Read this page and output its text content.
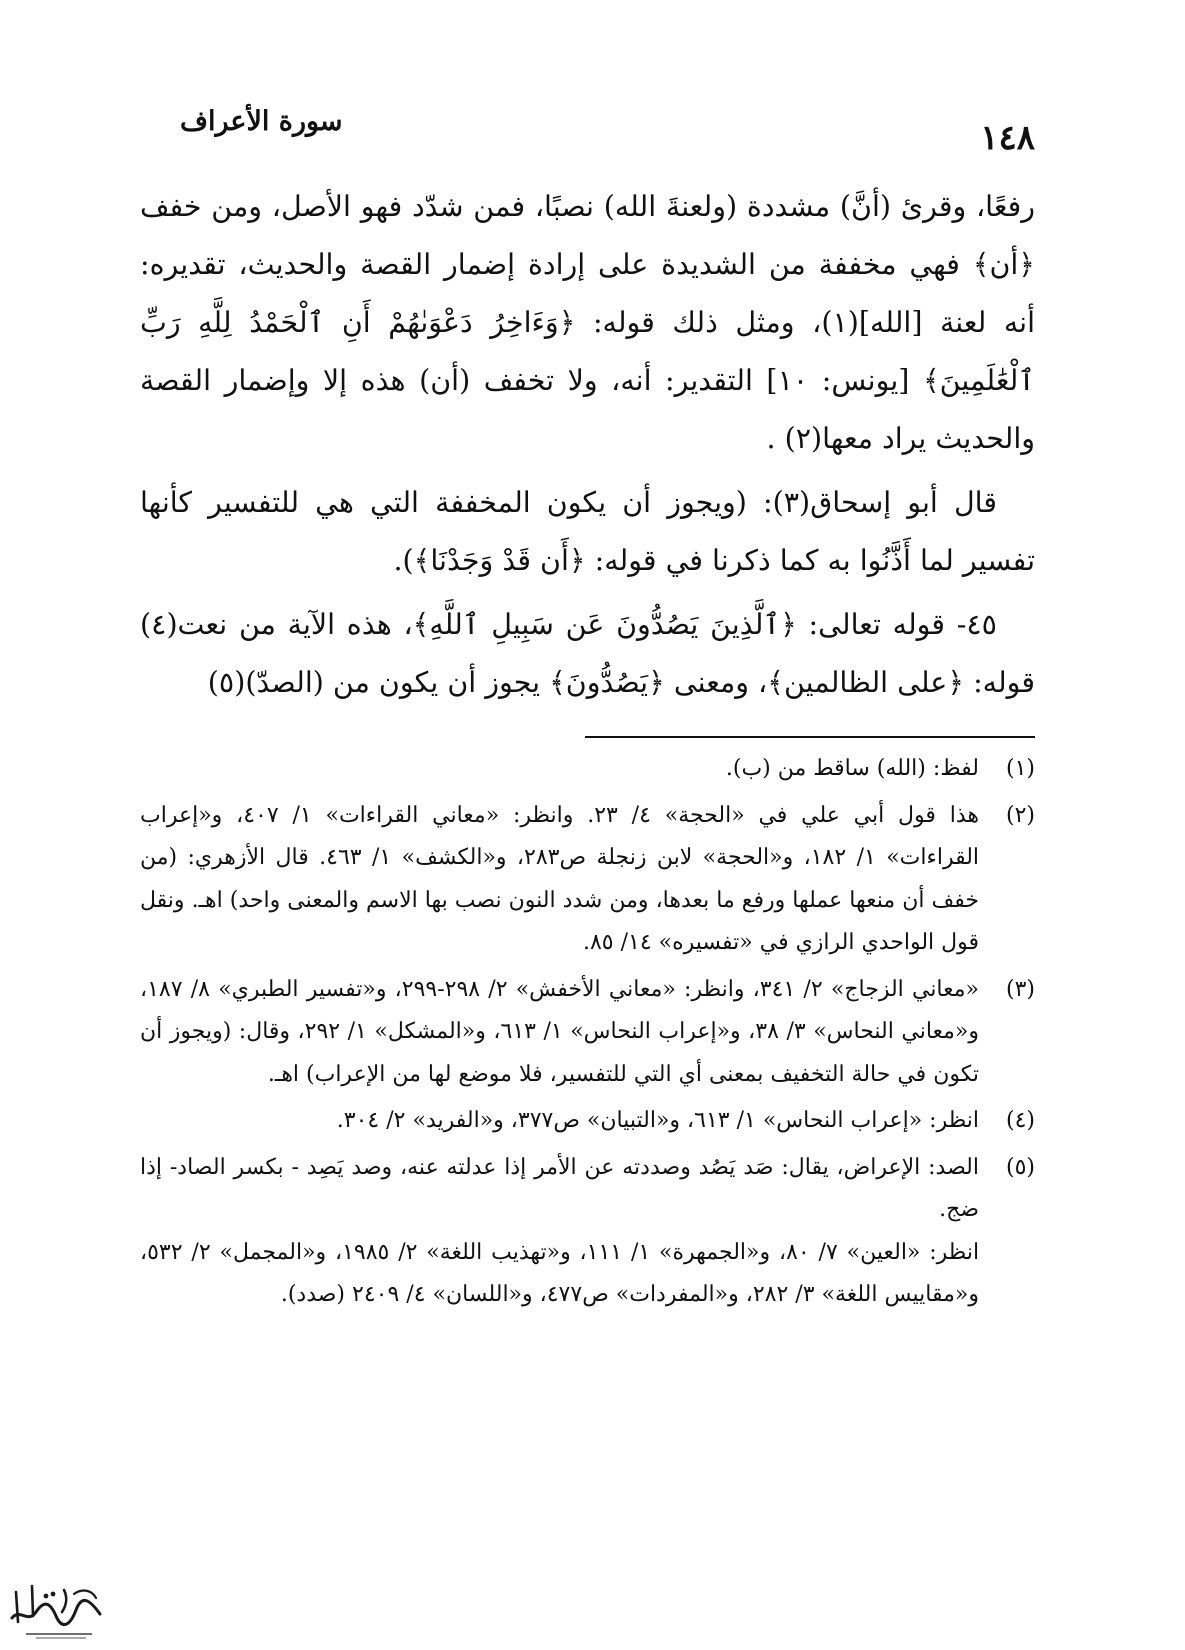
١٤٨
سورة الأعراف

رفعًا، وقرئ (أنَّ) مشددة (ولعنةَ الله) نصبًا، فمن شدّد فهو الأصل، ومن خفف ﴿أن﴾ فهي مخففة من الشديدة على إرادة إضمار القصة والحديث، تقديره: أنه لعنة [الله](١)، ومثل ذلك قوله: ﴿وَءَاخِرُ دَعْوَىٰهُمْ أَنِ ٱلْحَمْدُ لِلَّهِ رَبِّ ٱلْعَٰلَمِينَ﴾ [يونس: ١٠] التقدير: أنه، ولا تخفف (أن) هذه إلا وإضمار القصة والحديث يراد معها(٢) .

قال أبو إسحاق(٣): (ويجوز أن يكون المخففة التي هي للتفسير كأنها تفسير لما أَذَّنُوا به كما ذكرنا في قوله: ﴿أَن قَدْ وَجَدْنَا﴾).

٤٥- قوله تعالى: ﴿ٱلَّذِينَ يَصُدُّونَ عَن سَبِيلِ ٱللَّهِ﴾، هذه الآية من نعت(٤) قوله: ﴿على الظالمين﴾، ومعنى ﴿يَصُدُّونَ﴾ يجوز أن يكون من (الصدّ)(٥)

(١)
لفظ: (الله) ساقط من (ب).
(٢)
هذا قول أبي علي في «الحجة» ٤/ ٢٣. وانظر: «معاني القراءات» ١/ ٤٠٧، و«إعراب القراءات» ١/ ١٨٢، و«الحجة» لابن زنجلة ص٢٨٣، و«الكشف» ١/ ٤٦٣. قال الأزهري: (من خفف أن منعها عملها ورفع ما بعدها، ومن شدد النون نصب بها الاسم والمعنى واحد) اهـ. ونقل قول الواحدي الرازي في «تفسيره» ١٤/ ٨٥.
(٣)
«معاني الزجاج» ٢/ ٣٤١، وانظر: «معاني الأخفش» ٢/ ٢٩٨-٢٩٩، و«تفسير الطبري» ٨/ ١٨٧، و«معاني النحاس» ٣/ ٣٨، و«إعراب النحاس» ١/ ٦١٣، و«المشكل» ١/ ٢٩٢، وقال: (ويجوز أن تكون في حالة التخفيف بمعنى أي التي للتفسير، فلا موضع لها من الإعراب) اهـ.
(٤)
انظر: «إعراب النحاس» ١/ ٦١٣، و«التبيان» ص٣٧٧، و«الفريد» ٢/ ٣٠٤.
(٥)
الصد: الإعراض، يقال: صَد يَصُد وصددته عن الأمر إذا عدلته عنه، وصد يَصِد - بكسر الصاد- إذا ضج.

انظر: «العين» ٧/ ٨٠، و«الجمهرة» ١/ ١١١، و«تهذيب اللغة» ٢/ ١٩٨٥، و«المجمل» ٢/ ٥٣٢، و«مقاييس اللغة» ٣/ ٢٨٢، و«المفردات» ص٤٧٧، و«اللسان» ٤/ ٢٤٠٩ (صدد).
